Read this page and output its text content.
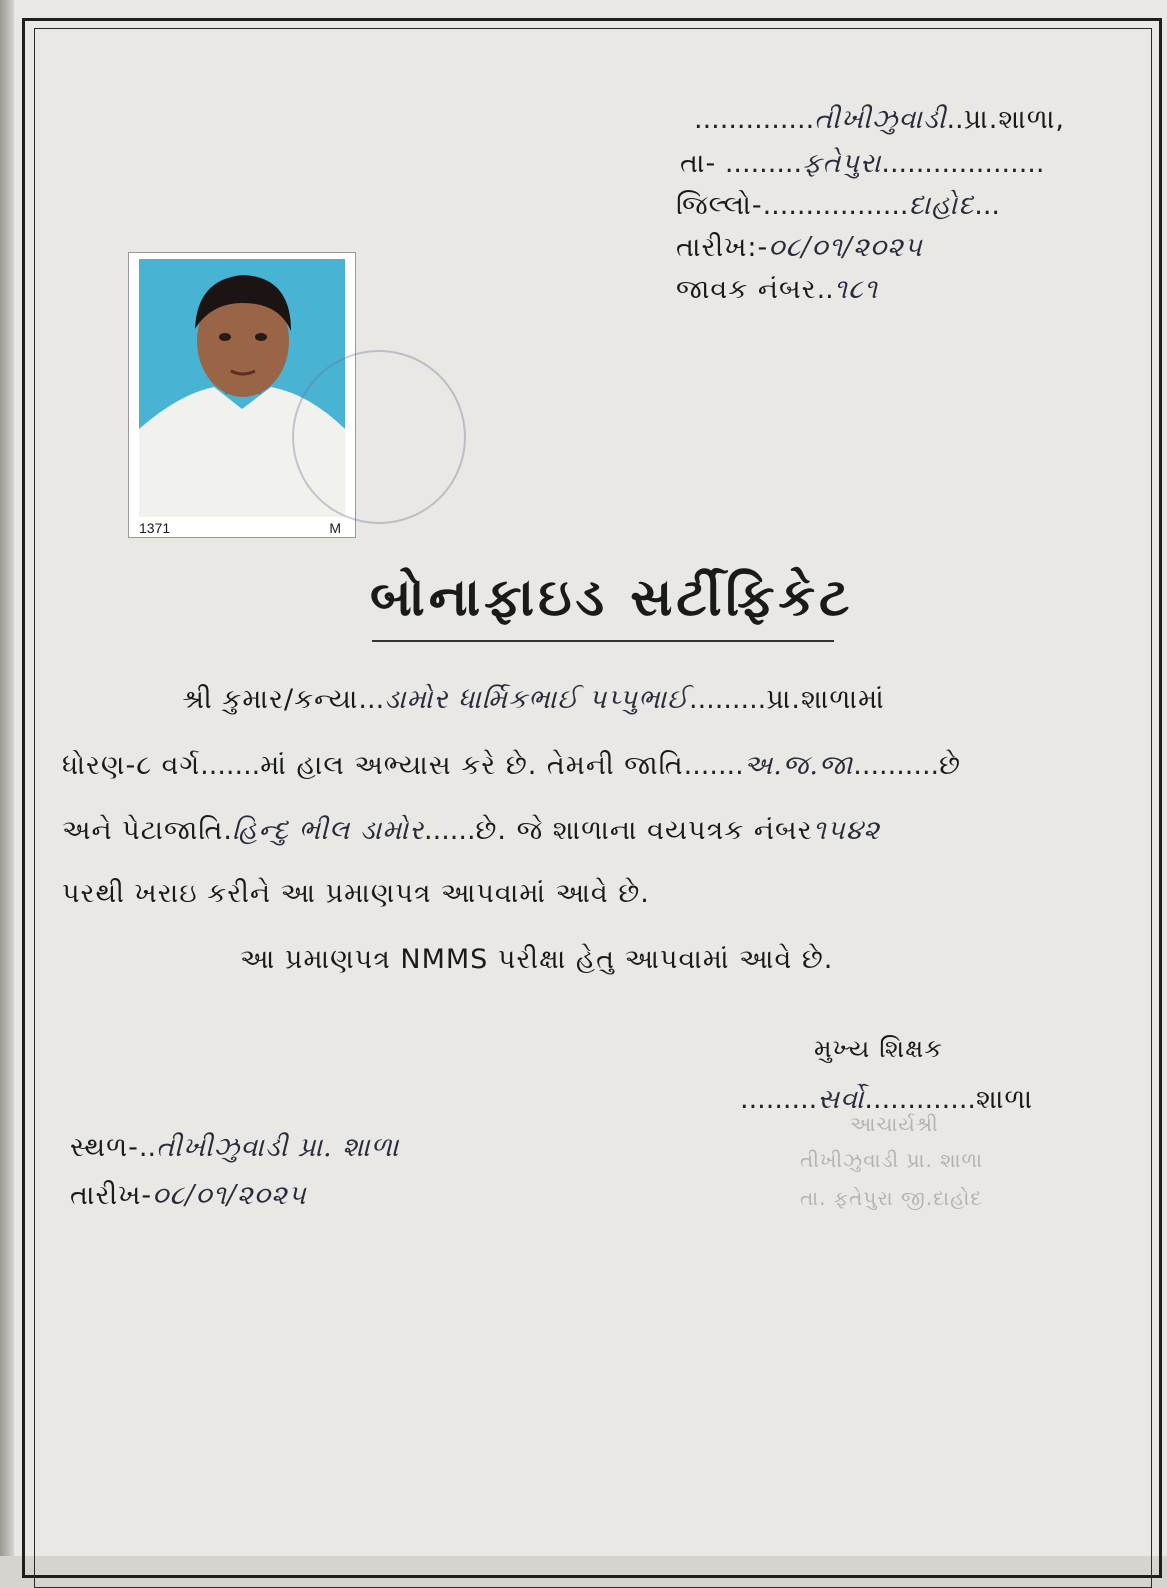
..............તીખીઝુવાડી..પ્રા.શાળા,
તા- .........ફતેપુરા...................
જિલ્લો-.................દાહોદ...
તારીખ:-૦૮/૦૧/૨૦૨૫
જાવક નંબર..૧૮૧
1371	M
બોનાફાઇડ સર્ટીફિકેટ
શ્રી કુમાર/કન્યા...ડામોર ધાર્મિકભાઈ પપ્પુભાઈ.........પ્રા.શાળામાં
ધોરણ-૮ વર્ગ.......માં હાલ અભ્યાસ કરે છે. તેમની જાતિ.......અ.જ.જા..........છે
અને પેટાજાતિ.હિન્દુ ભીલ ડામોર......છે. જે શાળાના વયપત્રક નંબર૧૫૪૨
પરથી ખરાઇ કરીને આ પ્રમાણપત્ર આપવામાં આવે છે.
આ પ્રમાણપત્ર NMMS પરીક્ષા હેતુ આપવામાં આવે છે.
મુખ્ય શિક્ષક
.........સર્વો.............શાળા
આચાર્યશ્રી
તીખીઝુવાડી પ્રા. શાળા
તા. ફતેપુરા જી.દાહોદ
સ્થળ-..તીખીઝુવાડી પ્રા. શાળા
તારીખ-૦૮/૦૧/૨૦૨૫
